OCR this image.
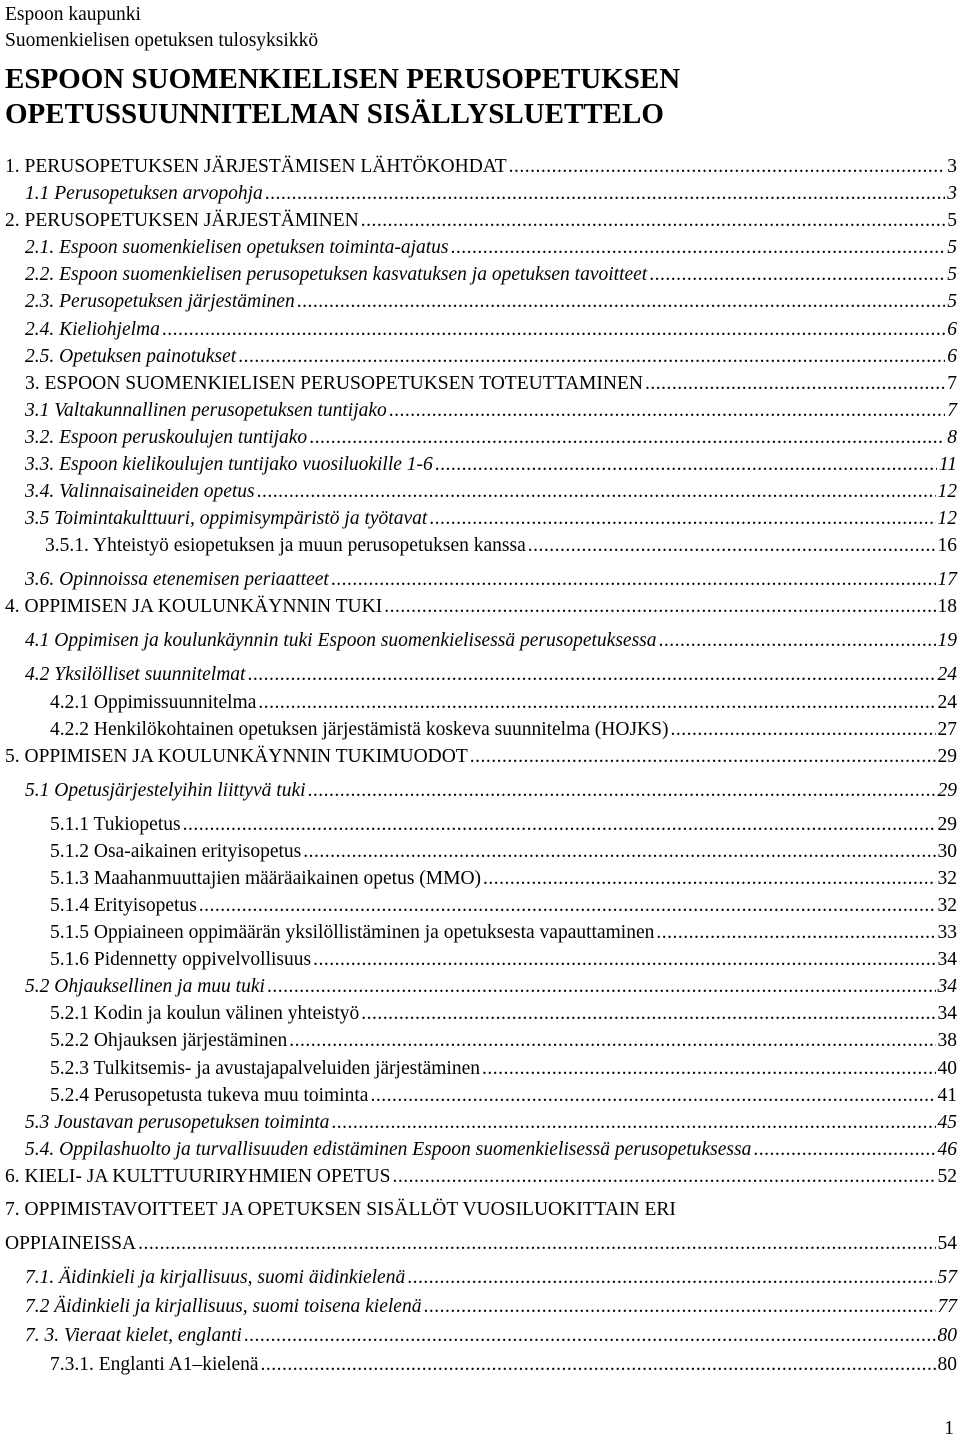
Espoon kaupunki
Suomenkielisen opetuksen tulosyksikkö
ESPOON SUOMENKIELISEN PERUSOPETUKSEN
OPETUSSUUNNITELMAN SISÄLLYSLUETTELO
1. PERUSOPETUKSEN JÄRJESTÄMISEN LÄHTÖKOHDAT .....	3
1.1 Perusopetuksen arvopohja .....	3
2. PERUSOPETUKSEN JÄRJESTÄMINEN .....	5
2.1. Espoon suomenkielisen opetuksen toiminta-ajatus .....	5
2.2. Espoon suomenkielisen perusopetuksen kasvatuksen ja opetuksen tavoitteet .....	5
2.3. Perusopetuksen järjestäminen .....	5
2.4. Kieliohjelma .....	6
2.5. Opetuksen painotukset .....	6
3. ESPOON SUOMENKIELISEN PERUSOPETUKSEN TOTEUTTAMINEN .....	7
3.1 Valtakunnallinen perusopetuksen tuntijako .....	7
3.2. Espoon peruskoulujen tuntijako .....	8
3.3. Espoon kielikoulujen tuntijako vuosiluokille 1-6 .....	11
3.4. Valinnaisaineiden opetus .....	12
3.5 Toimintakulttuuri, oppimisympäristö ja työtavat .....	12
3.5.1. Yhteistyö esiopetuksen ja muun perusopetuksen kanssa .....	16
3.6. Opinnoissa etenemisen periaatteet .....	17
4. OPPIMISEN JA KOULUNKÄYNNIN TUKI .....	18
4.1 Oppimisen ja koulunkäynnin tuki Espoon suomenkielisessä perusopetuksessa .....	19
4.2 Yksilölliset suunnitelmat .....	24
4.2.1 Oppimissuunnitelma .....	24
4.2.2 Henkilökohtainen opetuksen järjestämistä koskeva suunnitelma (HOJKS) .....	27
5. OPPIMISEN JA KOULUNKÄYNNIN TUKIMUODOT .....	29
5.1 Opetusjärjestelyihin liittyvä tuki .....	29
5.1.1 Tukiopetus .....	29
5.1.2 Osa-aikainen erityisopetus .....	30
5.1.3 Maahanmuuttajien määräaikainen opetus (MMO) .....	32
5.1.4 Erityisopetus .....	32
5.1.5 Oppiaineen oppimäärän yksilöllistäminen ja opetuksesta vapauttaminen .....	33
5.1.6 Pidennetty oppivelvollisuus .....	34
5.2 Ohjauksellinen ja muu tuki .....	34
5.2.1 Kodin ja koulun välinen yhteistyö .....	34
5.2.2 Ohjauksen järjestäminen .....	38
5.2.3 Tulkitsemis- ja avustajapalveluiden järjestäminen .....	40
5.2.4 Perusopetusta tukeva muu toiminta .....	41
5.3 Joustavan perusopetuksen toiminta .....	45
5.4. Oppilashuolto ja turvallisuuden edistäminen Espoon suomenkielisessä perusopetuksessa .....	46
6. KIELI- JA KULTTUURIRYHMIEN OPETUS .....	52
7. OPPIMISTAVOITTEET JA OPETUKSEN SISÄLLÖT VUOSILUOKITTAIN ERI
OPPIAINEISSA .....	54
7.1. Äidinkieli ja kirjallisuus, suomi äidinkielenä .....	57
7.2 Äidinkieli ja kirjallisuus, suomi toisena kielenä .....	77
7. 3. Vieraat kielet, englanti .....	80
7.3.1. Englanti A1–kielenä .....	80
1
